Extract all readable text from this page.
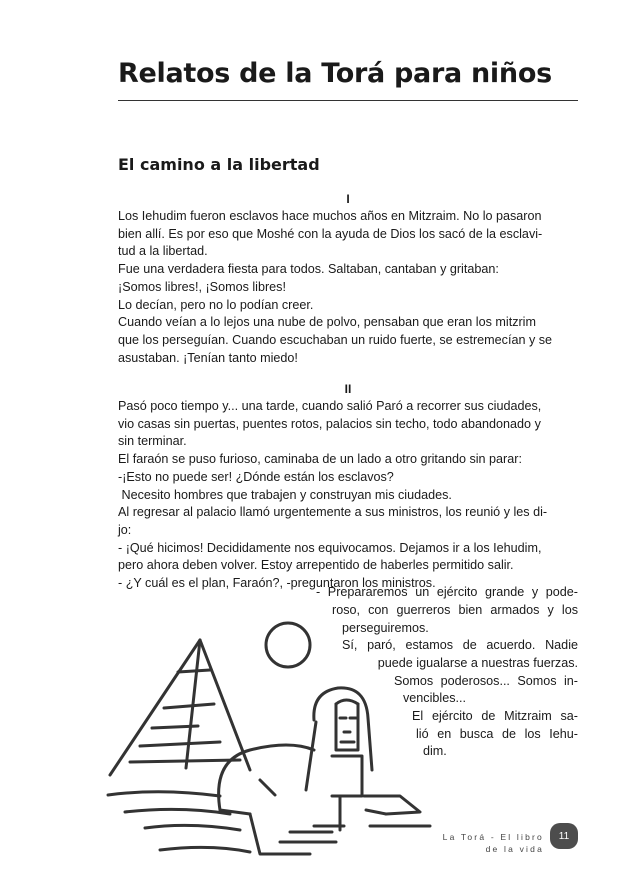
Relatos de la Torá para niños
El camino a la libertad
I

Los Iehudim fueron esclavos hace muchos años en Mitzraim. No lo pasaron

bien allí. Es por eso que Moshé con la ayuda de Dios los sacó de la esclavi-

tud a la libertad.

Fue una verdadera fiesta para todos. Saltaban, cantaban y gritaban:

¡Somos libres!, ¡Somos libres!

Lo decían, pero no lo podían creer.

Cuando veían a lo lejos una nube de polvo, pensaban que eran los mitzrim

que los perseguían. Cuando escuchaban un ruido fuerte, se estremecían y se

asustaban. ¡Tenían tanto miedo!

II

Pasó poco tiempo y... una tarde, cuando salió Paró a recorrer sus ciudades,

vio casas sin puertas, puentes rotos, palacios sin techo, todo abandonado y

sin terminar.

El faraón se puso furioso, caminaba de un lado a otro gritando sin parar:

-¡Esto no puede ser! ¿Dónde están los esclavos?

Necesito hombres que trabajen y construyan mis ciudades.

Al regresar al palacio llamó urgentemente a sus ministros, los reunió y les di-

jo:

- ¡Qué hicimos! Decididamente nos equivocamos. Dejamos ir a los Iehudim,

pero ahora deben volver. Estoy arrepentido de haberles permitido salir.

- ¿Y cuál es el plan, Faraón?, -preguntaron los ministros.

- Prepararemos un ejército grande y pode-
roso, con guerreros bien armados y los
perseguiremos.
Sí, paró, estamos de acuerdo. Nadie
puede igualarse a nuestras fuerzas.
Somos poderosos... Somos in-
vencibles...
El ejército de Mitzraim sa-
lió en busca de los Iehu-
dim.
La Torá - El libro
de la vida
11
